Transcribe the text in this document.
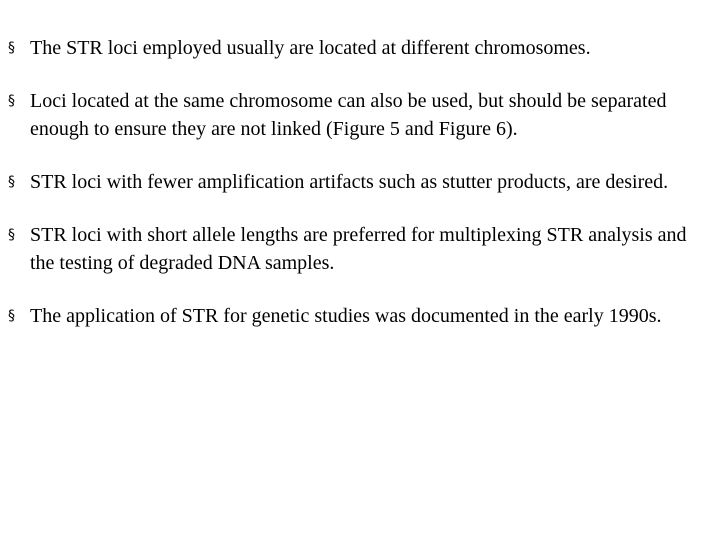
§ The STR loci employed usually are located at different chromosomes.
§ Loci located at the same chromosome can also be used, but should be separated enough to ensure they are not linked (Figure 5 and Figure 6).
§ STR loci with fewer amplification artifacts such as stutter products, are desired.
§ STR loci with short allele lengths are preferred for multiplexing STR analysis and the testing of degraded DNA samples.
§ The application of STR for genetic studies was documented in the early 1990s.
